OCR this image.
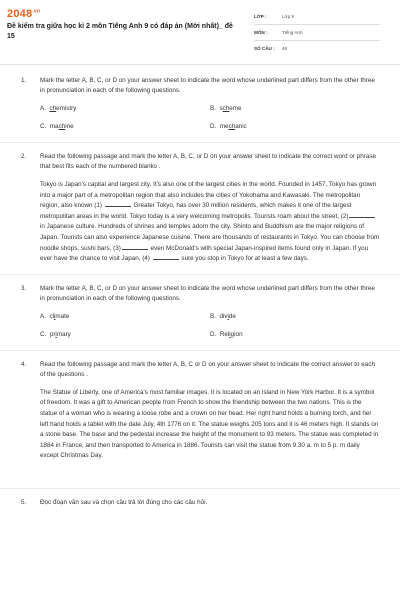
$2048^{.vn}$
Đề kiểm tra giữa học kì 2 môn Tiếng Anh 9 có đáp án (Mới nhất)_ đề 15
LỚP :	Lớp 9
MÔN :	Tiếng Anh
SỐ CÂU : 48
1. Mark the letter A, B, C, or D on your answer sheet to indicate the word whose underlined part differs from the other three in pronunciation in each of the following questions.

A. chemistry	B. scheme
C. machine	D. mechanic
2. Read the following passage and mark the letter A, B, C, or D on your answer sheet to indicate the correct word or phrase that best fits each of the numbered blanks .

Tokyo is Japan's capital and largest city. It's also one of the largest cities in the world. Founded in 1457, Tokyo has grown into a major part of a metropolitan region that also includes the cities of Yokohama and Kawasaki. The metropolitan region, also known (1)	Greater Tokyo, has over 30 million residents, which makes it one of the largest metropolitan areas in the world. Tokyo today is a very welcoming metropolis. Tourists roam about the street, (2) in Japanese culture. Hundreds of shrines and temples adorn the city. Shinto and Buddhism are the major religions of Japan. Tourists can also experience Japanese cuisine. There are thousands of restaurants in Tokyo. You can choose from noodle shops, sushi bars, (3)	even McDonald's with special Japan-inspired items found only in Japan. If you ever have the chance to visit Japan, (4)	sure you stop in Tokyo for at least a few days.

3. Mark the letter A, B, C, or D on your answer sheet to indicate the word whose underlined part differs from the other three in pronunciation in each of the following questions.

A. climate	B. divide
C. primary	D. Religion
4. Read the following passage and mark the letter A, B, C or D on your answer sheet to indicate the correct answer to each of the questions .

The Statue of Liberty, one of America's most familiar images. It is located on an island in New York Harbor. It is a symbol of freedom. It was a gift to American people from French to show the friendship between the two nations. This is the statue of a woman who is wearing a loose robe and a crown on her head. Her right hand holds a burning torch, and her left hand holds a tablet with the date July, 4th 1776 on it. The statue weighs 205 tons and it is 46 meters high. It stands on a stone base. The base and the pedestal increase the height of the monument to 93 meters. The statue was completed in 1884 in France, and then transported to America in 1886. Tourists can visit the statue from 9.30 a. m to 5 p. m daily except Christmas Day.

5. Đọc đoạn văn sau và chọn câu trả lời đúng cho các câu hỏi.
